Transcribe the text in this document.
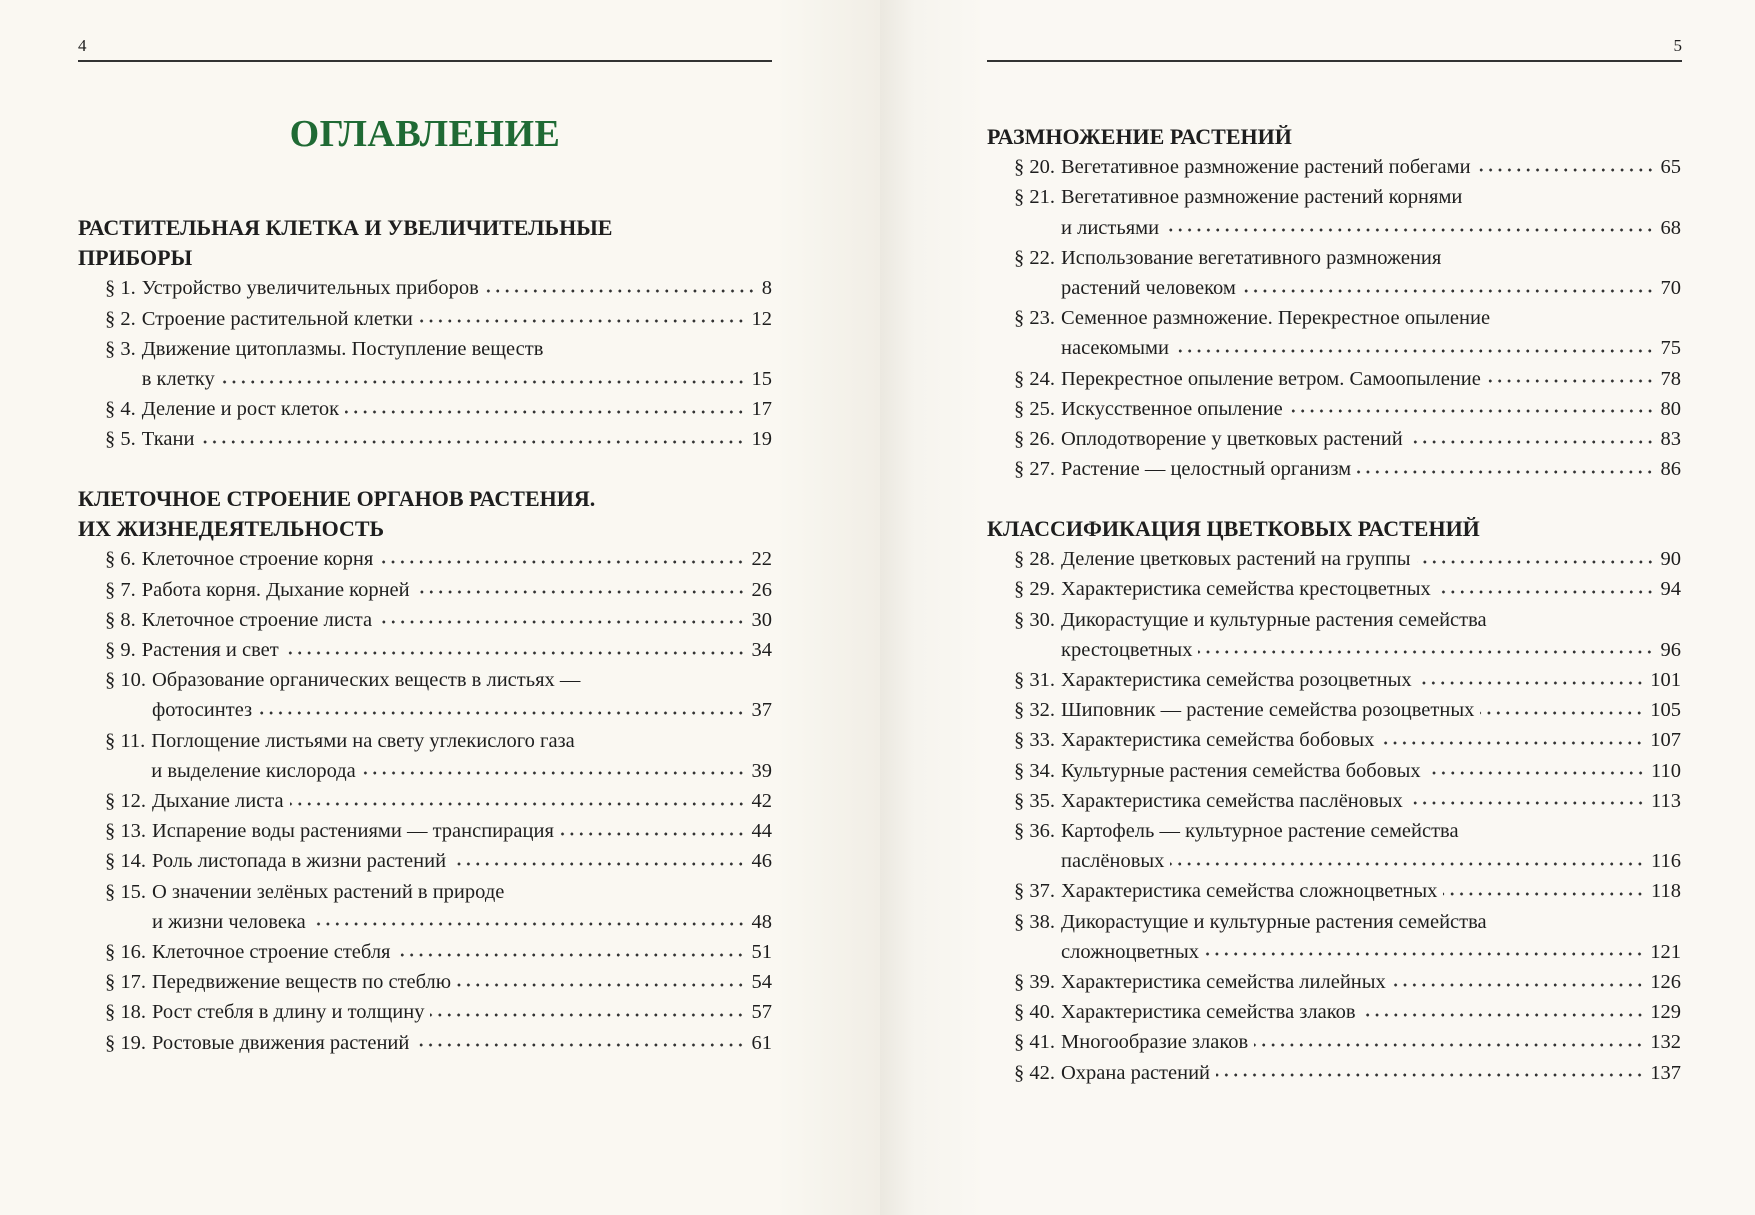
4
ОГЛАВЛЕНИЕ
РАСТИТЕЛЬНАЯ КЛЕТКА И УВЕЛИЧИТЕЛЬНЫЕ
ПРИБОРЫ
§ 1. Устройство увеличительных приборов	8
§ 2. Строение растительной клетки	12
§ 3. Движение цитоплазмы. Поступление веществ
в клетку	15
§ 4. Деление и рост клеток	17
§ 5. Ткани	19
КЛЕТОЧНОЕ СТРОЕНИЕ ОРГАНОВ РАСТЕНИЯ.
ИХ ЖИЗНЕДЕЯТЕЛЬНОСТЬ
§ 6. Клеточное строение корня	22
§ 7. Работа корня. Дыхание корней	26
§ 8. Клеточное строение листа	30
§ 9. Растения и свет	34
§ 10. Образование органических веществ в листьях —
фотосинтез	37
§ 11. Поглощение листьями на свету углекислого газа
и выделение кислорода	39
§ 12. Дыхание листа	42
§ 13. Испарение воды растениями — транспирация	44
§ 14. Роль листопада в жизни растений	46
§ 15. О значении зелёных растений в природе
и жизни человека	48
§ 16. Клеточное строение стебля	51
§ 17. Передвижение веществ по стеблю	54
§ 18. Рост стебля в длину и толщину	57
§ 19. Ростовые движения растений	61
5
РАЗМНОЖЕНИЕ РАСТЕНИЙ
§ 20. Вегетативное размножение растений побегами	65
§ 21. Вегетативное размножение растений корнями
и листьями	68
§ 22. Использование вегетативного размножения
растений человеком	70
§ 23. Семенное размножение. Перекрестное опыление
насекомыми	75
§ 24. Перекрестное опыление ветром. Самоопыление	78
§ 25. Искусственное опыление	80
§ 26. Оплодотворение у цветковых растений	83
§ 27. Растение — целостный организм	86
КЛАССИФИКАЦИЯ ЦВЕТКОВЫХ РАСТЕНИЙ
§ 28. Деление цветковых растений на группы	90
§ 29. Характеристика семейства крестоцветных	94
§ 30. Дикорастущие и культурные растения семейства
крестоцветных	96
§ 31. Характеристика семейства розоцветных	101
§ 32. Шиповник — растение семейства розоцветных	105
§ 33. Характеристика семейства бобовых	107
§ 34. Культурные растения семейства бобовых	110
§ 35. Характеристика семейства паслёновых	113
§ 36. Картофель — культурное растение семейства
паслёновых	116
§ 37. Характеристика семейства сложноцветных	118
§ 38. Дикорастущие и культурные растения семейства
сложноцветных	121
§ 39. Характеристика семейства лилейных	126
§ 40. Характеристика семейства злаков	129
§ 41. Многообразие злаков	132
§ 42. Охрана растений	137
